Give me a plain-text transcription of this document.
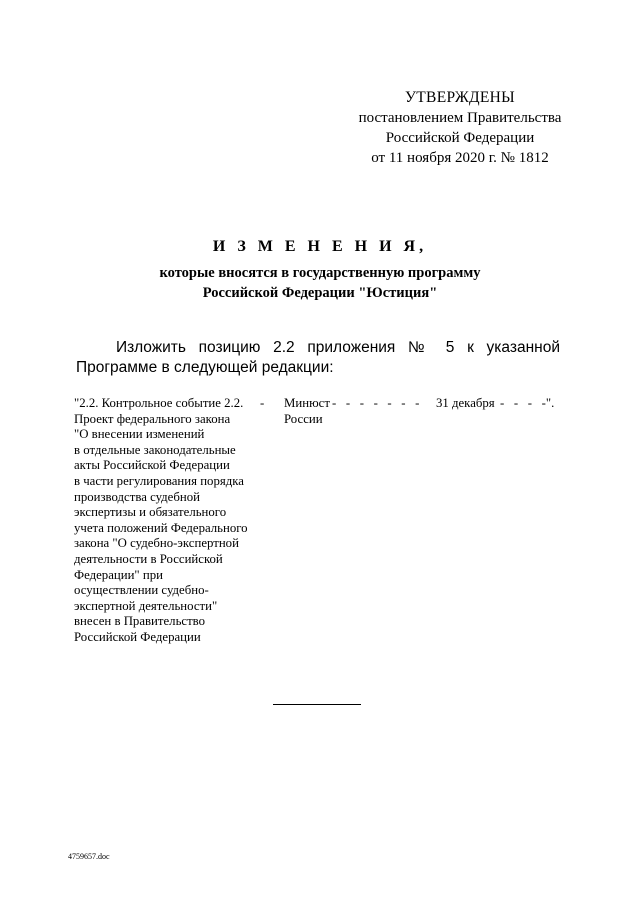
УТВЕРЖДЕНЫ
постановлением Правительства
Российской Федерации
от 11 ноября 2020 г. № 1812
И З М Е Н Е Н И Я,
которые вносятся в государственную программу
Российской Федерации "Юстиция"
Изложить позицию 2.2 приложения № 5 к указанной Программе в следующей редакции:
"2.2. Контрольное событие 2.2.
Проект федерального закона
"О внесении изменений
в отдельные законодательные
акты Российской Федерации
в части регулирования порядка
производства судебной
экспертизы и обязательного
учета положений Федерального
закона "О судебно-экспертной
деятельности в Российской
Федерации" при
осуществлении судебно-
экспертной деятельности"
внесен в Правительство
Российской Федерации
- Минюст
России
-   -   -   -   -   -   - 31 декабря -   -   -   -".
4759657.doc
